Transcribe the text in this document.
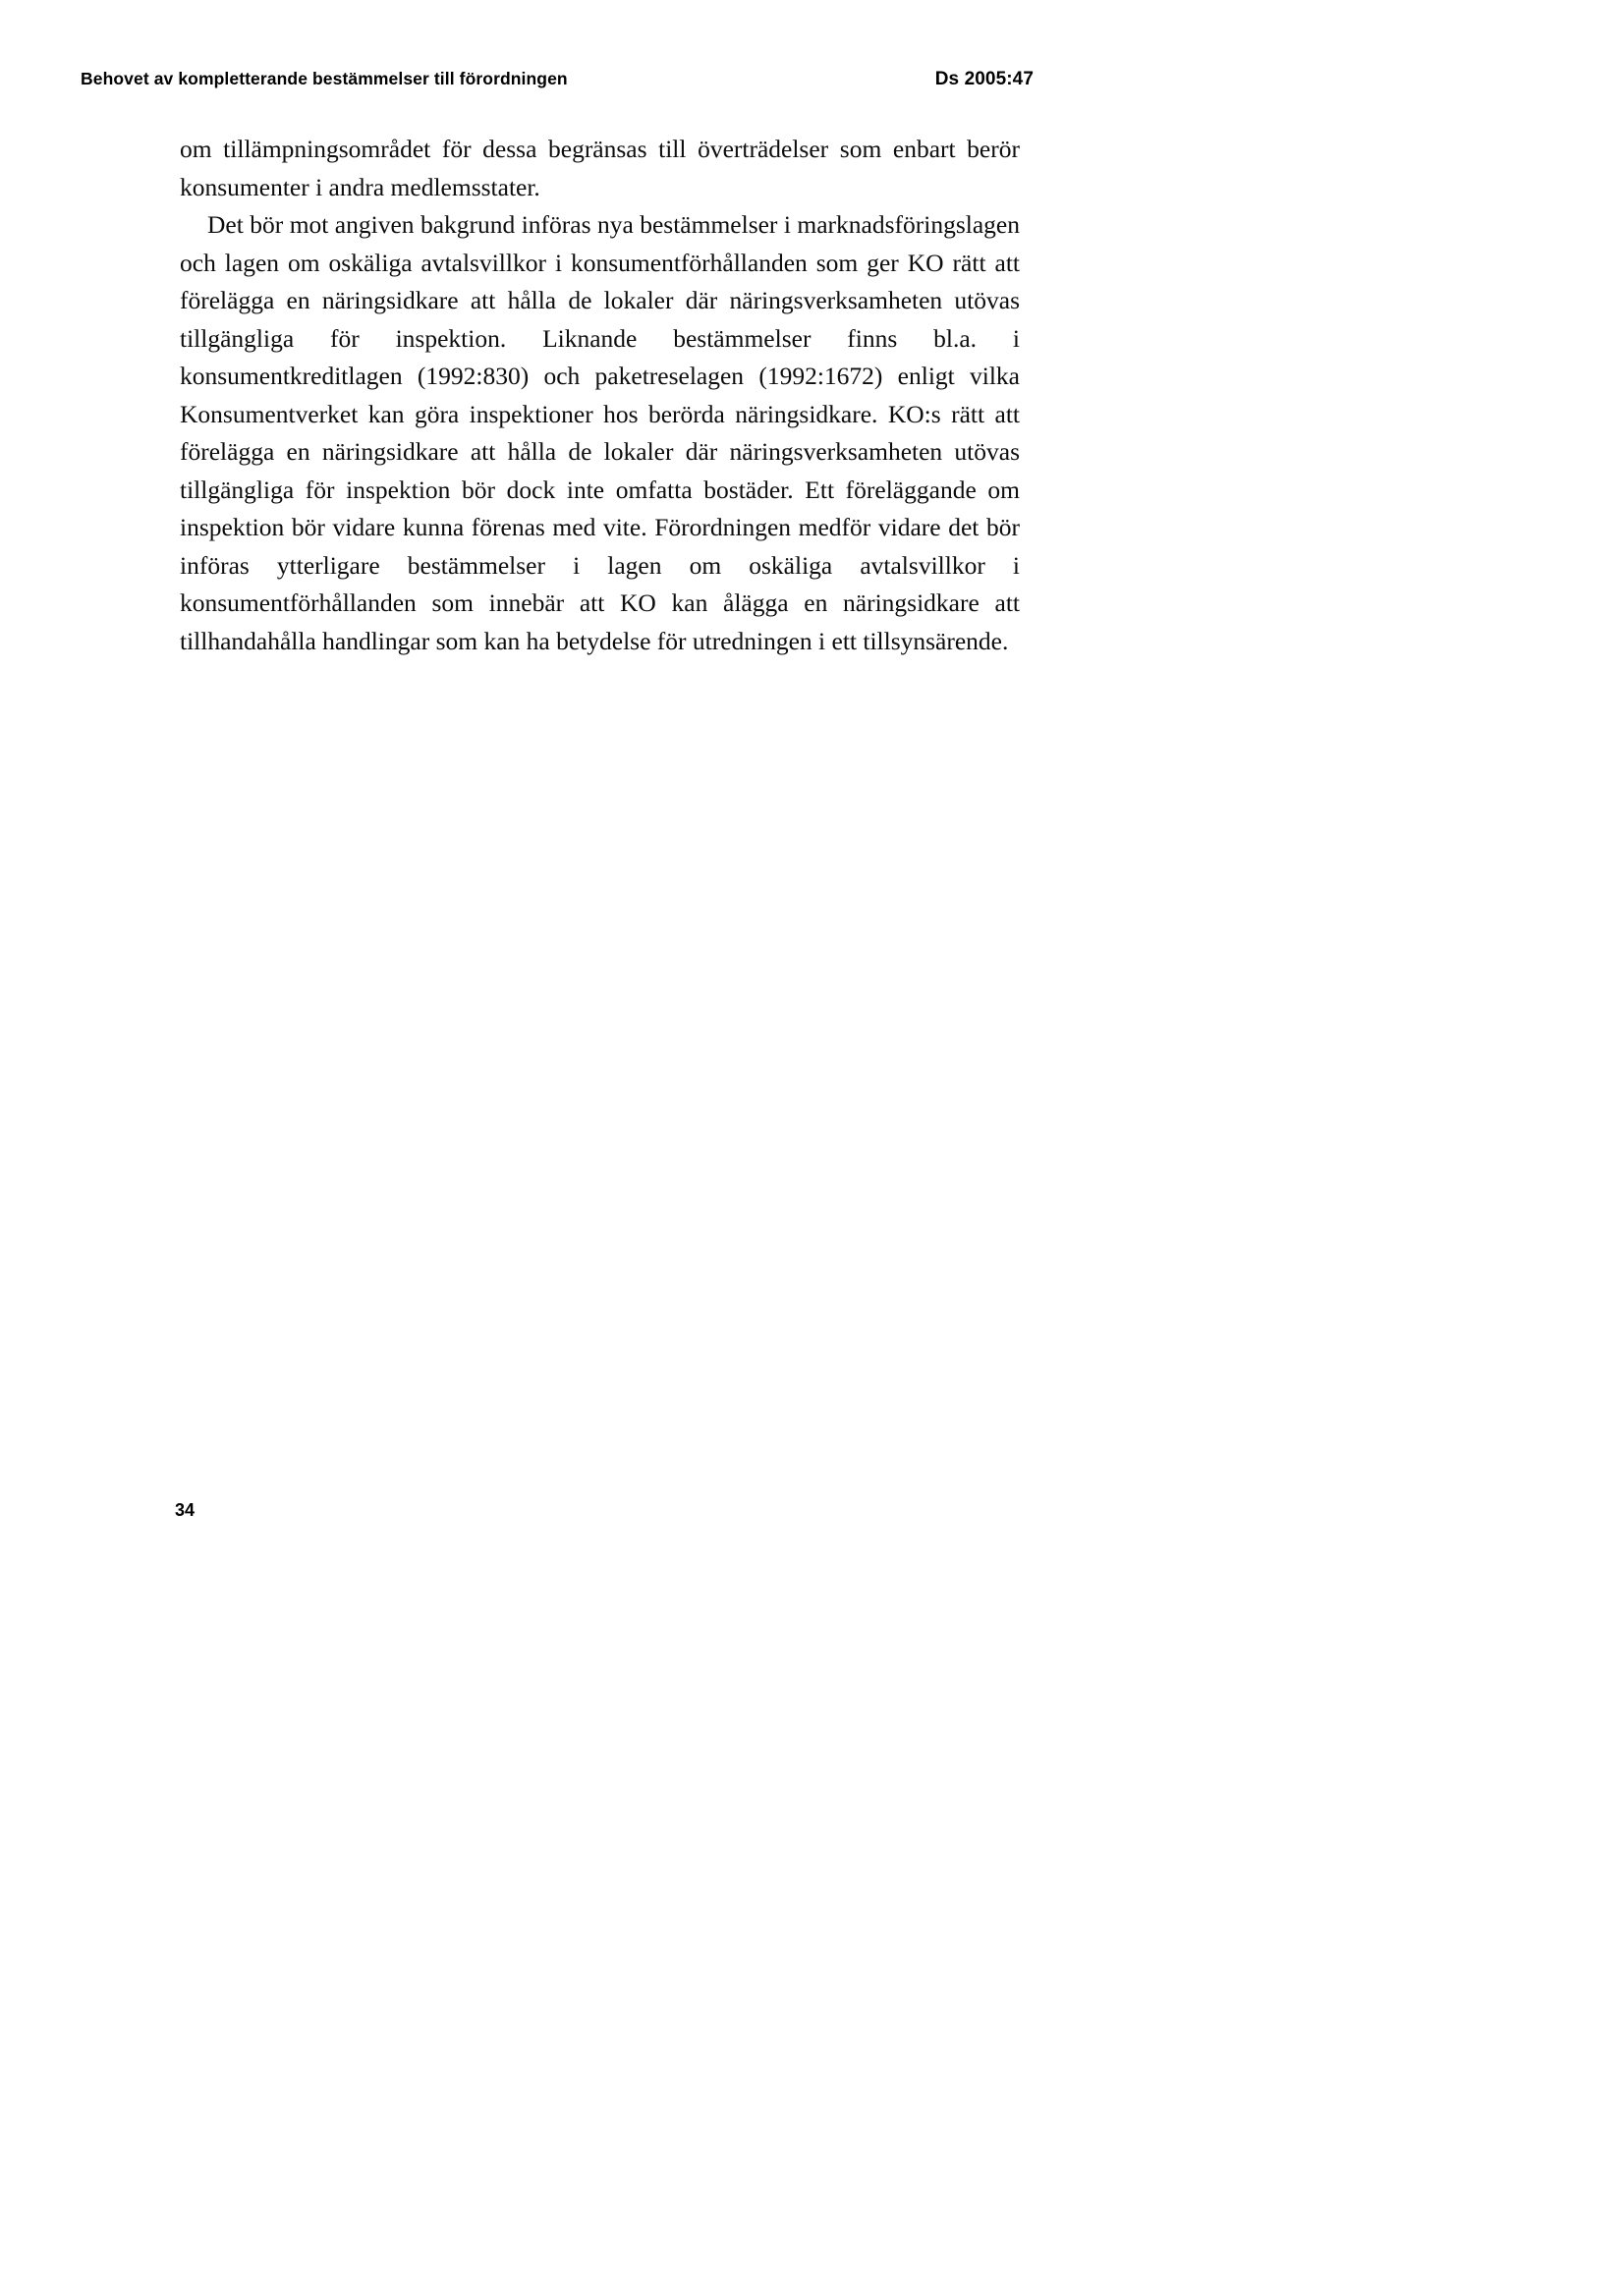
Behovet av kompletterande bestämmelser till förordningen	Ds 2005:47

om tillämpningsområdet för dessa begränsas till överträdelser som enbart berör konsumenter i andra medlemsstater.

Det bör mot angiven bakgrund införas nya bestämmelser i marknadsföringslagen och lagen om oskäliga avtalsvillkor i konsumentförhållanden som ger KO rätt att förelägga en näringsidkare att hålla de lokaler där näringsverksamheten utövas tillgängliga för inspektion. Liknande bestämmelser finns bl.a. i konsumentkreditlagen (1992:830) och paketreselagen (1992:1672) enligt vilka Konsumentverket kan göra inspektioner hos berörda näringsidkare. KO:s rätt att förelägga en näringsidkare att hålla de lokaler där näringsverksamheten utövas tillgängliga för inspektion bör dock inte omfatta bostäder. Ett föreläggande om inspektion bör vidare kunna förenas med vite. Förordningen medför vidare det bör införas ytterligare bestämmelser i lagen om oskäliga avtalsvillkor i konsumentförhållanden som innebär att KO kan ålägga en näringsidkare att tillhandahålla handlingar som kan ha betydelse för utredningen i ett tillsynsärende.

34
